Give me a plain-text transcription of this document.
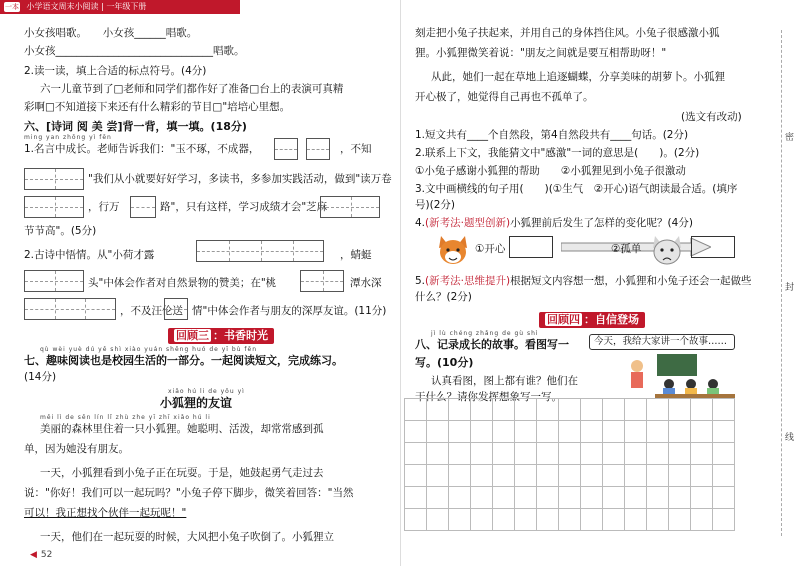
一本 小学语文周末小阅读 | 一年级下册
小女孩唱歌。　　小女孩______唱歌。
小女孩______________________________唱歌。
2.读一读，填上合适的标点符号。(4分)
六一儿童节到了□老师和同学们都作好了准备□台上的表演可真精
彩啊□不知道接下来还有什么精彩的节目□"培培心里想。
六、[诗词 阅 美 尝]背一背，填一填。(18分)
ming yan zhōng yì fēn
1.名言中成长。老师告诉我们："玉不琢，不成器，	，不知
"我们从小就要好好学习，多读书，多参加实践活动，做到"读万卷
，行万	路"，只有这样，学习成绩才会"芝麻
节节高"。(5分)
2.古诗中悟情。从"小荷才露	，蜻蜓
头"中体会作者对自然景物的赞美；在"桃	潭水深
，不及汪伦送 情"中体会作者与朋友的深厚友谊。(11分)
回顾三 ：书香时光
qù wèi yuè dú yě shì xiào yuán shēng huó de yī bù fēn
七、趣味阅读也是校园生活的一部分。一起阅读短文，完成练习。
(14分)
xiǎo hú li de yǒu yì
小狐狸的友谊
měi lì de sēn lín lǐ zhù zhe yī zhī xiǎo hú li
美丽的森林里住着一只小狐狸。她聪明、活泼，却常常感到孤
单，因为她没有朋友。
一天，小狐狸看到小兔子正在玩耍。于是，她鼓起勇气走过去
说："你好！我们可以一起玩吗？"小兔子停下脚步，微笑着回答："当然
可以！我正想找个伙伴一起玩呢！"
一天，他们在一起玩耍的时候，大风把小兔子吹倒了。小狐狸立
◀ 52
刻走把小兔子扶起来，并用自己的身体挡住风。小兔子很感激小狐
狸。小狐狸微笑着说："朋友之间就是要互相帮助呀！"
从此，她们一起在草地上追逐蝴蝶，分享美味的胡萝卜。小狐狸
开心极了，她觉得自己再也不孤单了。
(选文有改动)
1.短文共有____个自然段，第4自然段共有____句话。(2分)
2.联系上下文，我能猜文中"感激"一词的意思是(　　)。(2分)
①小兔子感谢小狐狸的帮助　　②小狐狸见到小兔子很激动
3.文中画横线的句子用(　　)(①生气　②开心)语气朗读最合适。(填序
号)(2分)
4.(新考法·题型创新)小狐狸前后发生了怎样的变化呢？(4分)
①开心	②孤单
5.(新考法·思维提升)根据短文内容想一想，小狐狸和小兔子还会一起做些
什么？(2分)
回顾四 ：自信登场
jì lù chéng zhǎng de gù shì
八、记录成长的故事。看图写一
写。(10分)
认真看图，图上都有谁？他们在
干什么？请你发挥想象写一写。
今天，我给大家讲一个故事……
密
封
线
